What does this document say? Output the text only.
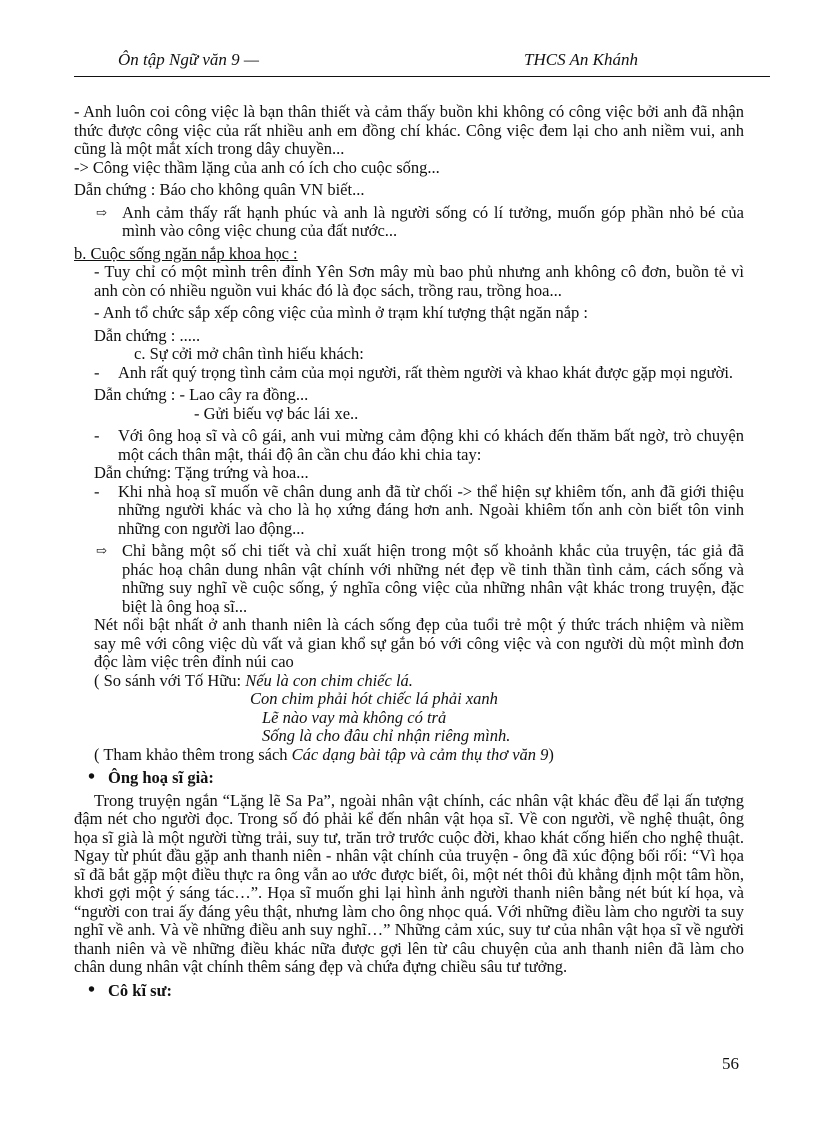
Ôn tập Ngữ văn 9 —	THCS An Khánh

- Anh luôn coi công việc là bạn thân thiết và cảm thấy buồn khi không có công việc bởi anh đã nhận thức được công việc của rất nhiều anh em đồng chí khác. Công việc đem lại cho anh niềm vui, anh cũng là một mắt xích trong dây chuyền...

-> Công việc thầm lặng của anh có ích cho cuộc sống...

Dẫn chứng : Báo cho không quân VN biết...

⇨ Anh cảm thấy rất hạnh phúc và anh là người sống có lí tưởng, muốn góp phần nhỏ bé của mình vào công việc chung của đất nước...

b. Cuộc sống ngăn nắp khoa học :

- Tuy chỉ có một mình trên đỉnh Yên Sơn mây mù bao phủ nhưng anh không cô đơn, buồn tẻ vì anh còn có nhiều nguồn vui khác đó là đọc sách, trồng rau, trồng hoa...

- Anh tổ chức sắp xếp công việc của mình ở trạm khí tượng thật ngăn nắp :

Dẫn chứng : .....

c. Sự cởi mở chân tình hiếu khách:

-	Anh rất quý trọng tình cảm của mọi người, rất thèm người và khao khát được gặp mọi người.

Dẫn chứng : - Lao cây ra đồng...

- Gửi biếu vợ bác lái xe..

-	Với ông hoạ sĩ và cô gái, anh vui mừng cảm động khi có khách đến thăm bất ngờ, trò chuyện một cách thân mật, thái độ ân cần chu đáo khi chia tay:

Dẫn chứng: Tặng trứng và hoa...

-	Khi nhà hoạ sĩ muốn vẽ chân dung anh đã từ chối -> thể hiện sự khiêm tốn, anh đã giới thiệu những người khác và cho là họ xứng đáng hơn anh. Ngoài khiêm tốn anh còn biết tôn vinh những con người lao động...
⇨ Chỉ bằng một số chi tiết và chỉ xuất hiện trong một số khoảnh khắc của truyện, tác giả đã phác hoạ chân dung nhân vật chính với những nét đẹp về tinh thần tình cảm, cách sống và những suy nghĩ về cuộc sống, ý nghĩa công việc của những nhân vật khác trong truyện, đặc biệt là ông hoạ sĩ...

Nét nổi bật nhất ở anh thanh niên là cách sống đẹp của tuổi trẻ một ý thức trách nhiệm và niềm say mê với công việc dù vất vả gian khổ sự gắn bó với công việc và con người dù một mình đơn độc làm việc trên đỉnh núi cao

( So sánh với Tố Hữu: Nếu là con chim chiếc lá.

Con chim phải hót chiếc lá phải xanh

Lẽ nào vay mà không có trả

Sống là cho đâu chỉ nhận riêng mình.

( Tham khảo thêm trong sách Các dạng bài tập và cảm thụ thơ văn 9)

• Ông hoạ sĩ già:

Trong truyện ngắn “Lặng lẽ Sa Pa”, ngoài nhân vật chính, các nhân vật khác đều để lại ấn tượng đậm nét cho người đọc. Trong số đó phải kể đến nhân vật họa sĩ. Về con người, về nghệ thuật, ông họa sĩ già là một người từng trải, suy tư, trăn trở trước cuộc đời, khao khát cống hiến cho nghệ thuật. Ngay từ phút đầu gặp anh thanh niên - nhân vật chính của truyện - ông đã xúc động bối rối: “Vì họa sĩ đã bắt gặp một điều thực ra ông vẫn ao ước được biết, ôi, một nét thôi đủ khẳng định một tâm hồn, khơi gợi một ý sáng tác…”. Họa sĩ muốn ghi lại hình ảnh người thanh niên bằng nét bút kí họa, và “người con trai ấy đáng yêu thật, nhưng làm cho ông nhọc quá. Với những điều làm cho người ta suy nghĩ về anh. Và về những điều anh suy nghĩ…” Những cảm xúc, suy tư của nhân vật họa sĩ về người thanh niên và về những điều khác nữa được gợi lên từ câu chuyện của anh thanh niên đã làm cho chân dung nhân vật chính thêm sáng đẹp và chứa đựng chiều sâu tư tưởng.

• Cô kĩ sư:
56
